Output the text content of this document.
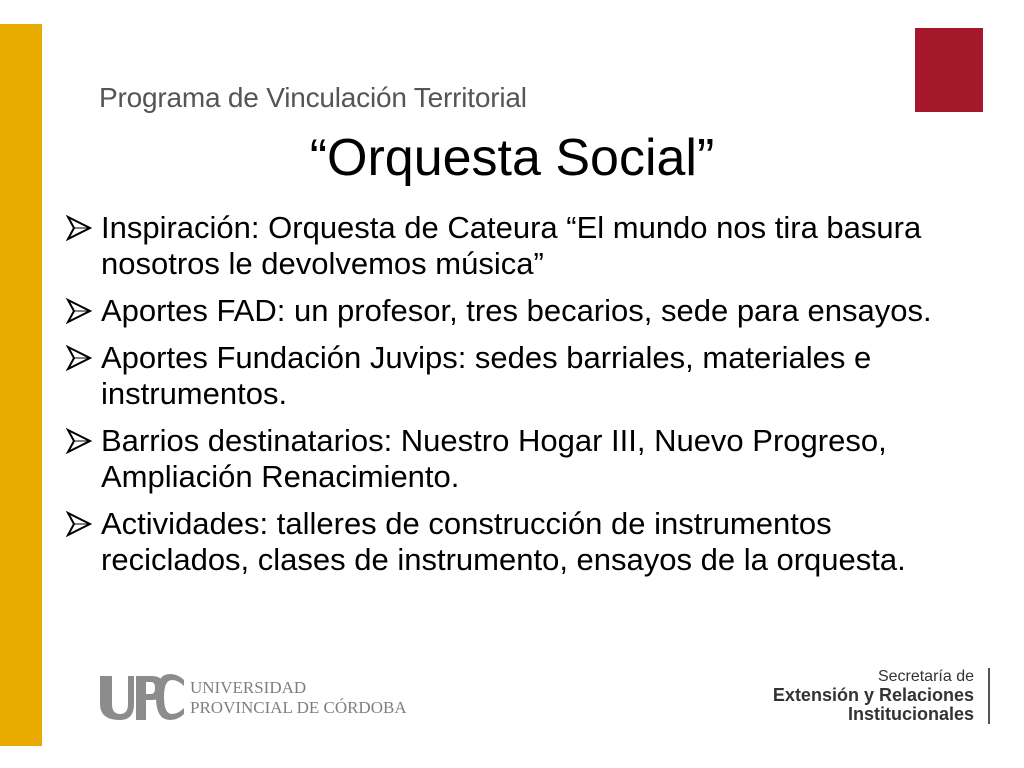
Programa de Vinculación Territorial
“Orquesta Social”
Inspiración: Orquesta de Cateura “El mundo nos tira basura nosotros le devolvemos música”
Aportes FAD: un profesor, tres becarios, sede para ensayos.
Aportes Fundación Juvips: sedes barriales, materiales e instrumentos.
Barrios destinatarios: Nuestro Hogar III, Nuevo Progreso, Ampliación Renacimiento.
Actividades: talleres de construcción de instrumentos reciclados, clases de instrumento, ensayos de la orquesta.
UNIVERSIDAD
PROVINCIAL DE CÓRDOBA
Secretaría de
Extensión y Relaciones
Institucionales
